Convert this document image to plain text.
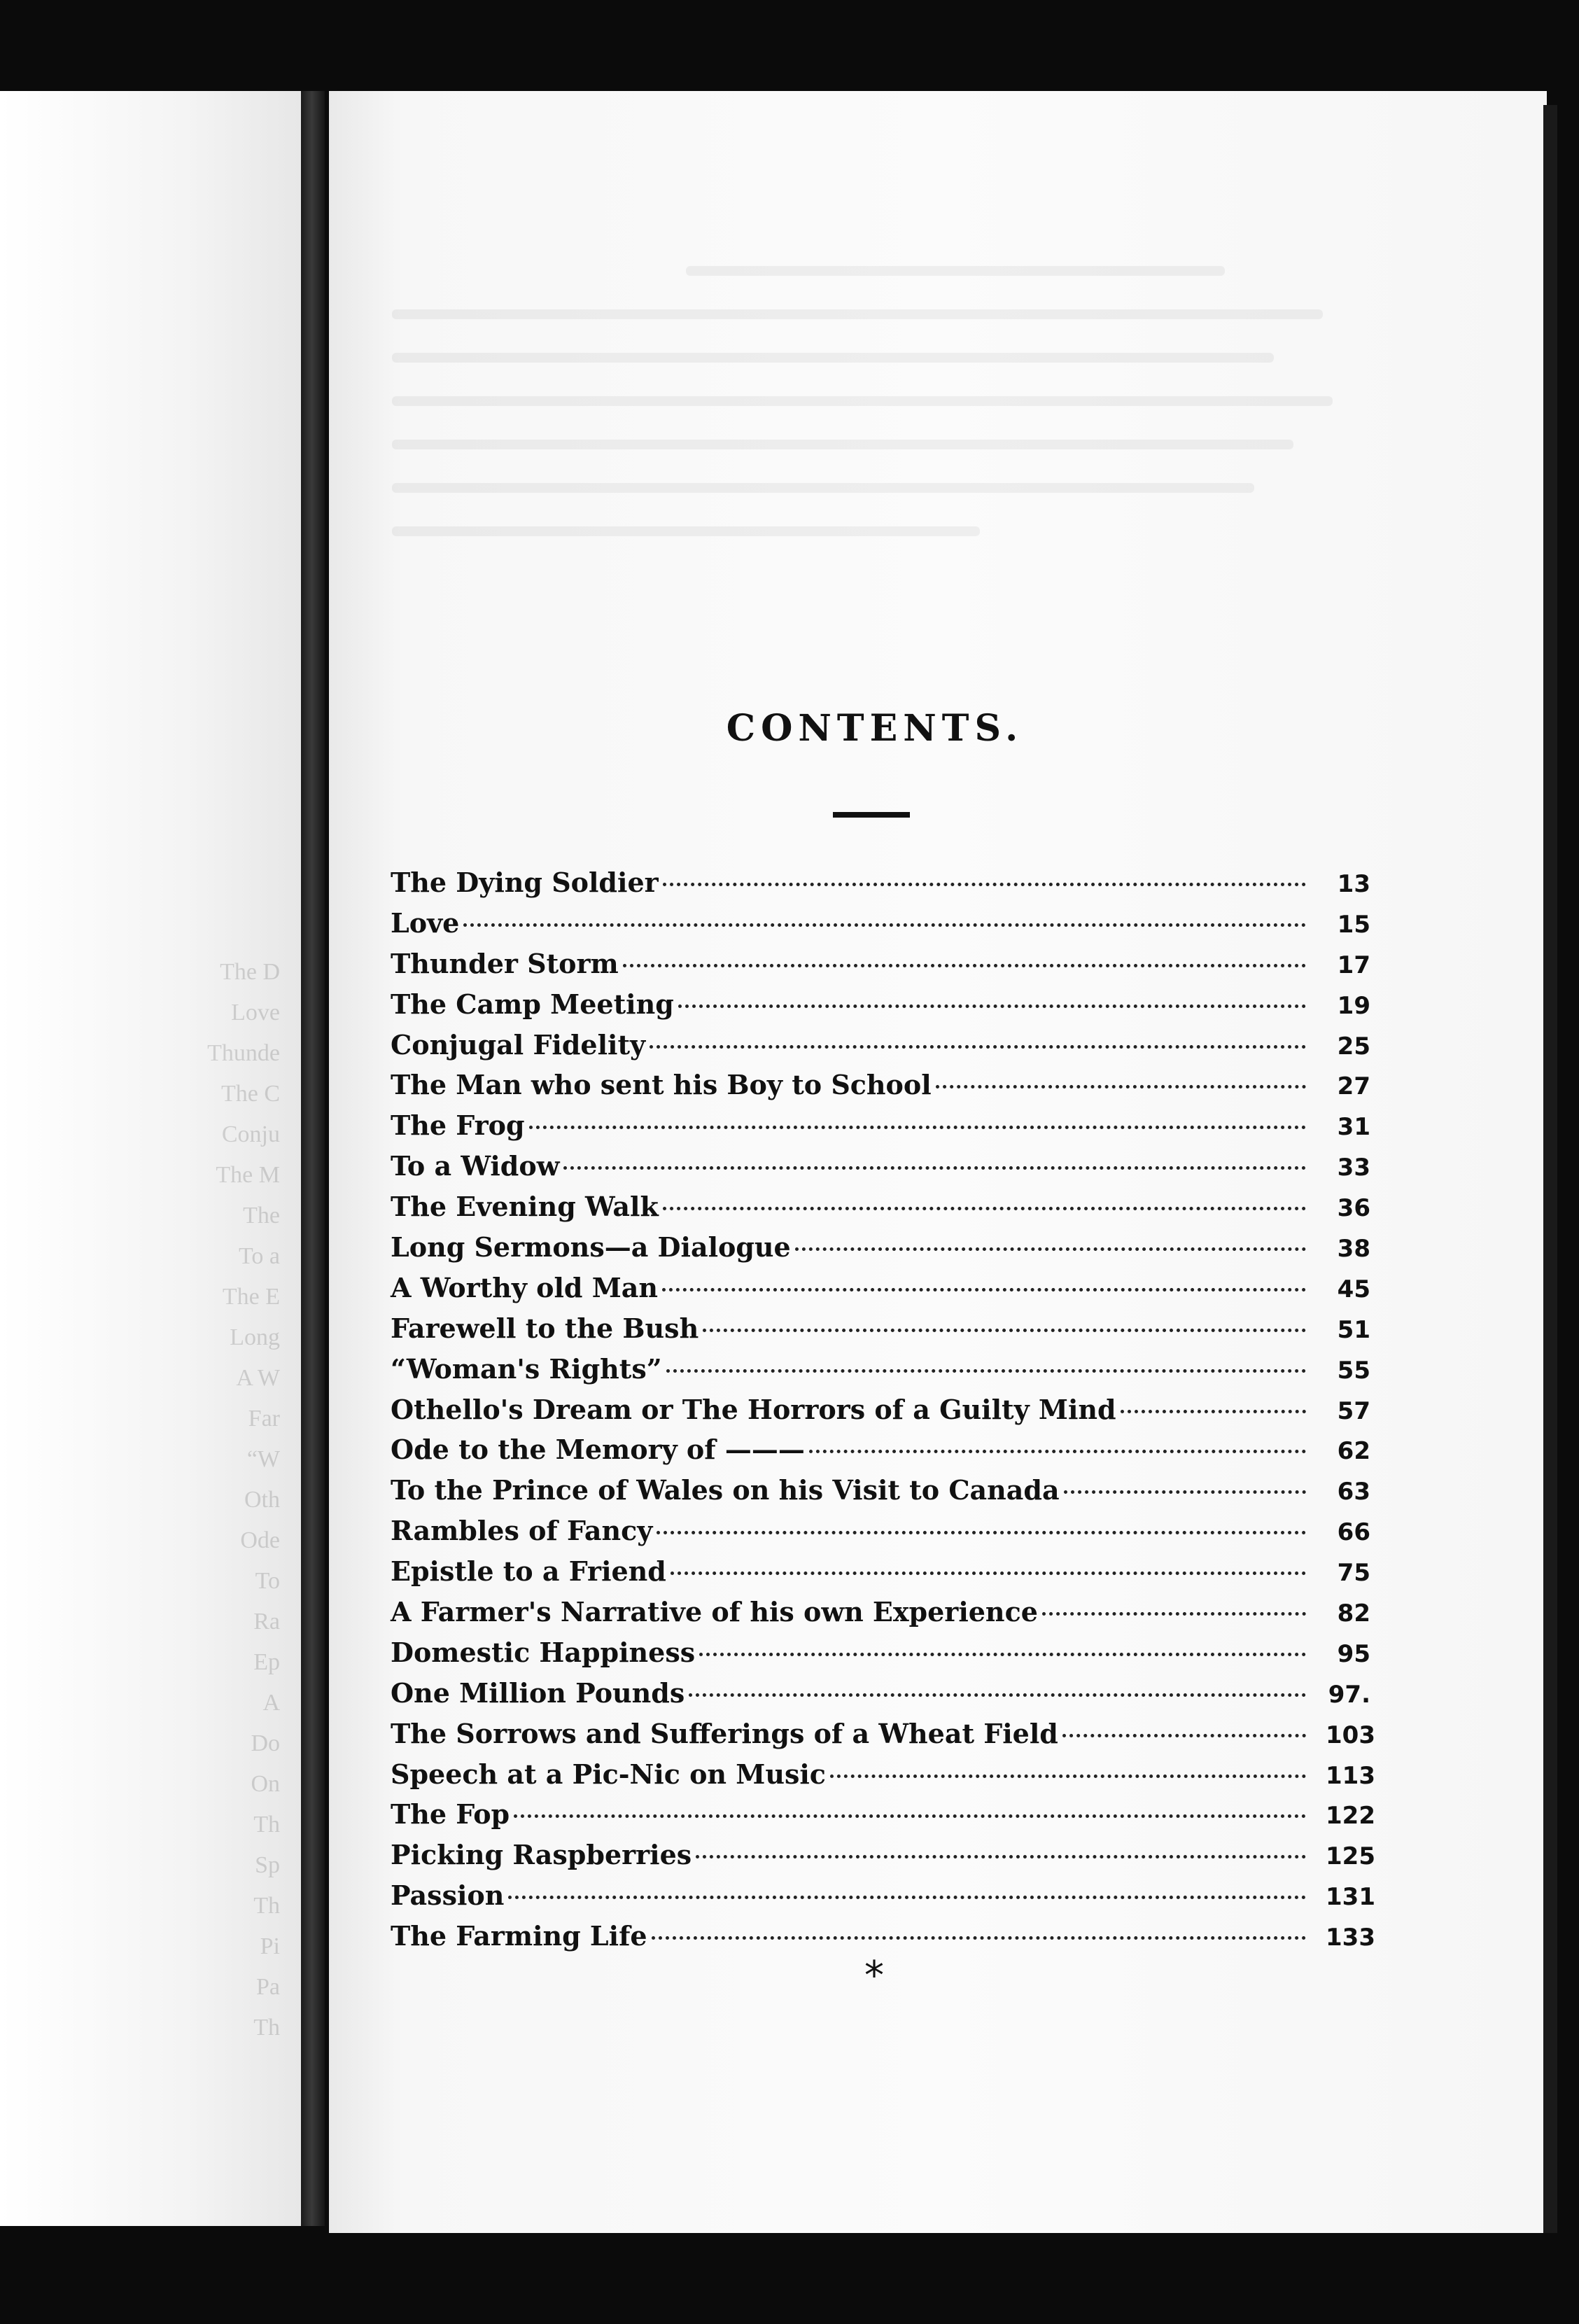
The D
Love
Thunde
The C
Conju
The M
The
To a
The E
Long
A W
Far
“W
Oth
Ode
To
Ra
Ep
A
Do
On
Th
Sp
Th
Pi
Pa
Th
CONTENTS.
The Dying Soldier	13
Love	15
Thunder Storm	17
The Camp Meeting	19
Conjugal Fidelity	25
The Man who sent his Boy to School	27
The Frog	31
To a Widow	33
The Evening Walk	36
Long Sermons—a Dialogue	38
A Worthy old Man	45
Farewell to the Bush	51
“Woman's Rights”	55
Othello's Dream or The Horrors of a Guilty Mind	57
Ode to the Memory of ———	62
To the Prince of Wales on his Visit to Canada	63
Rambles of Fancy	66
Epistle to a Friend	75
A Farmer's Narrative of his own Experience	82
Domestic Happiness	95
One Million Pounds	97.
The Sorrows and Sufferings of a Wheat Field	103
Speech at a Pic-Nic on Music	113
The Fop	122
Picking Raspberries	125
Passion	131
The Farming Life	133
*
